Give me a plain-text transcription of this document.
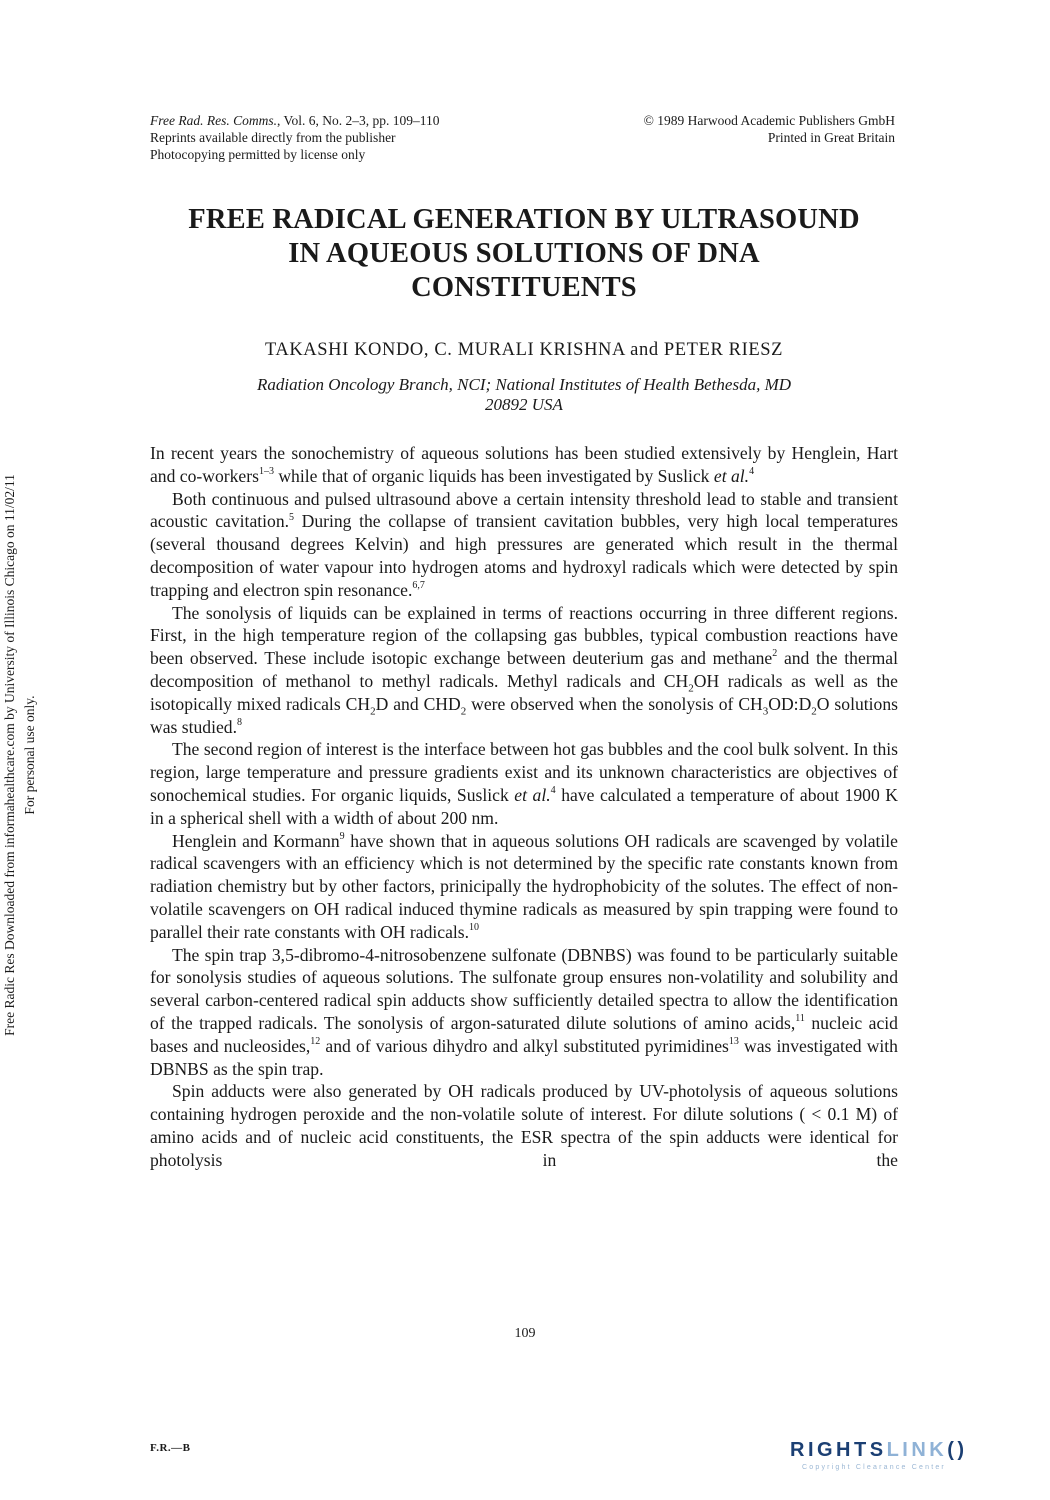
Free Rad. Res. Comms., Vol. 6, No. 2–3, pp. 109–110
Reprints available directly from the publisher
Photocopying permitted by license only
© 1989 Harwood Academic Publishers GmbH
Printed in Great Britain
FREE RADICAL GENERATION BY ULTRASOUND
IN AQUEOUS SOLUTIONS OF DNA
CONSTITUENTS
TAKASHI KONDO, C. MURALI KRISHNA and PETER RIESZ
Radiation Oncology Branch, NCI; National Institutes of Health Bethesda, MD
20892 USA

In recent years the sonochemistry of aqueous solutions has been studied extensively by Henglein, Hart and co-workers$^{1-3}$ while that of organic liquids has been investigated by Suslick et al.$^4$

Both continuous and pulsed ultrasound above a certain intensity threshold lead to stable and transient acoustic cavitation.$^5$ During the collapse of transient cavitation bubbles, very high local temperatures (several thousand degrees Kelvin) and high pressures are generated which result in the thermal decomposition of water vapour into hydrogen atoms and hydroxyl radicals which were detected by spin trapping and electron spin resonance.$^{6,7}$

The sonolysis of liquids can be explained in terms of reactions occurring in three different regions. First, in the high temperature region of the collapsing gas bubbles, typical combustion reactions have been observed. These include isotopic exchange between deuterium gas and methane$^2$ and the thermal decomposition of methanol to methyl radicals. Methyl radicals and $CH_2OH$ radicals as well as the isotopically mixed radicals $CH_2D$ and $CHD_2$ were observed when the sonolysis of $CH_3OD:D_2O$ solutions was studied.$^8$

The second region of interest is the interface between hot gas bubbles and the cool bulk solvent. In this region, large temperature and pressure gradients exist and its unknown characteristics are objectives of sonochemical studies. For organic liquids, Suslick et al.$^4$ have calculated a temperature of about 1900 K in a spherical shell with a width of about 200 nm.

Henglein and Kormann$^9$ have shown that in aqueous solutions OH radicals are scavenged by volatile radical scavengers with an efficiency which is not determined by the specific rate constants known from radiation chemistry but by other factors, prinicipally the hydrophobicity of the solutes. The effect of non-volatile scavengers on OH radical induced thymine radicals as measured by spin trapping were found to parallel their rate constants with OH radicals.$^{10}$

The spin trap 3,5-dibromo-4-nitrosobenzene sulfonate (DBNBS) was found to be particularly suitable for sonolysis studies of aqueous solutions. The sulfonate group ensures non-volatility and solubility and several carbon-centered radical spin adducts show sufficiently detailed spectra to allow the identification of the trapped radicals. The sonolysis of argon-saturated dilute solutions of amino acids,$^{11}$ nucleic acid bases and nucleosides,$^{12}$ and of various dihydro and alkyl substituted pyrimidines$^{13}$ was investigated with DBNBS as the spin trap.

Spin adducts were also generated by OH radicals produced by UV-photolysis of aqueous solutions containing hydrogen peroxide and the non-volatile solute of interest. For dilute solutions ( < 0.1 M) of amino acids and of nucleic acid constituents, the ESR spectra of the spin adducts were identical for photolysis in the

109
F.R.—B
Free Radic Res Downloaded from informahealthcare.com by University of Illinois Chicago on 11/02/11 For personal use only.
RIGHTSLINK()
Copyright Clearance Center
